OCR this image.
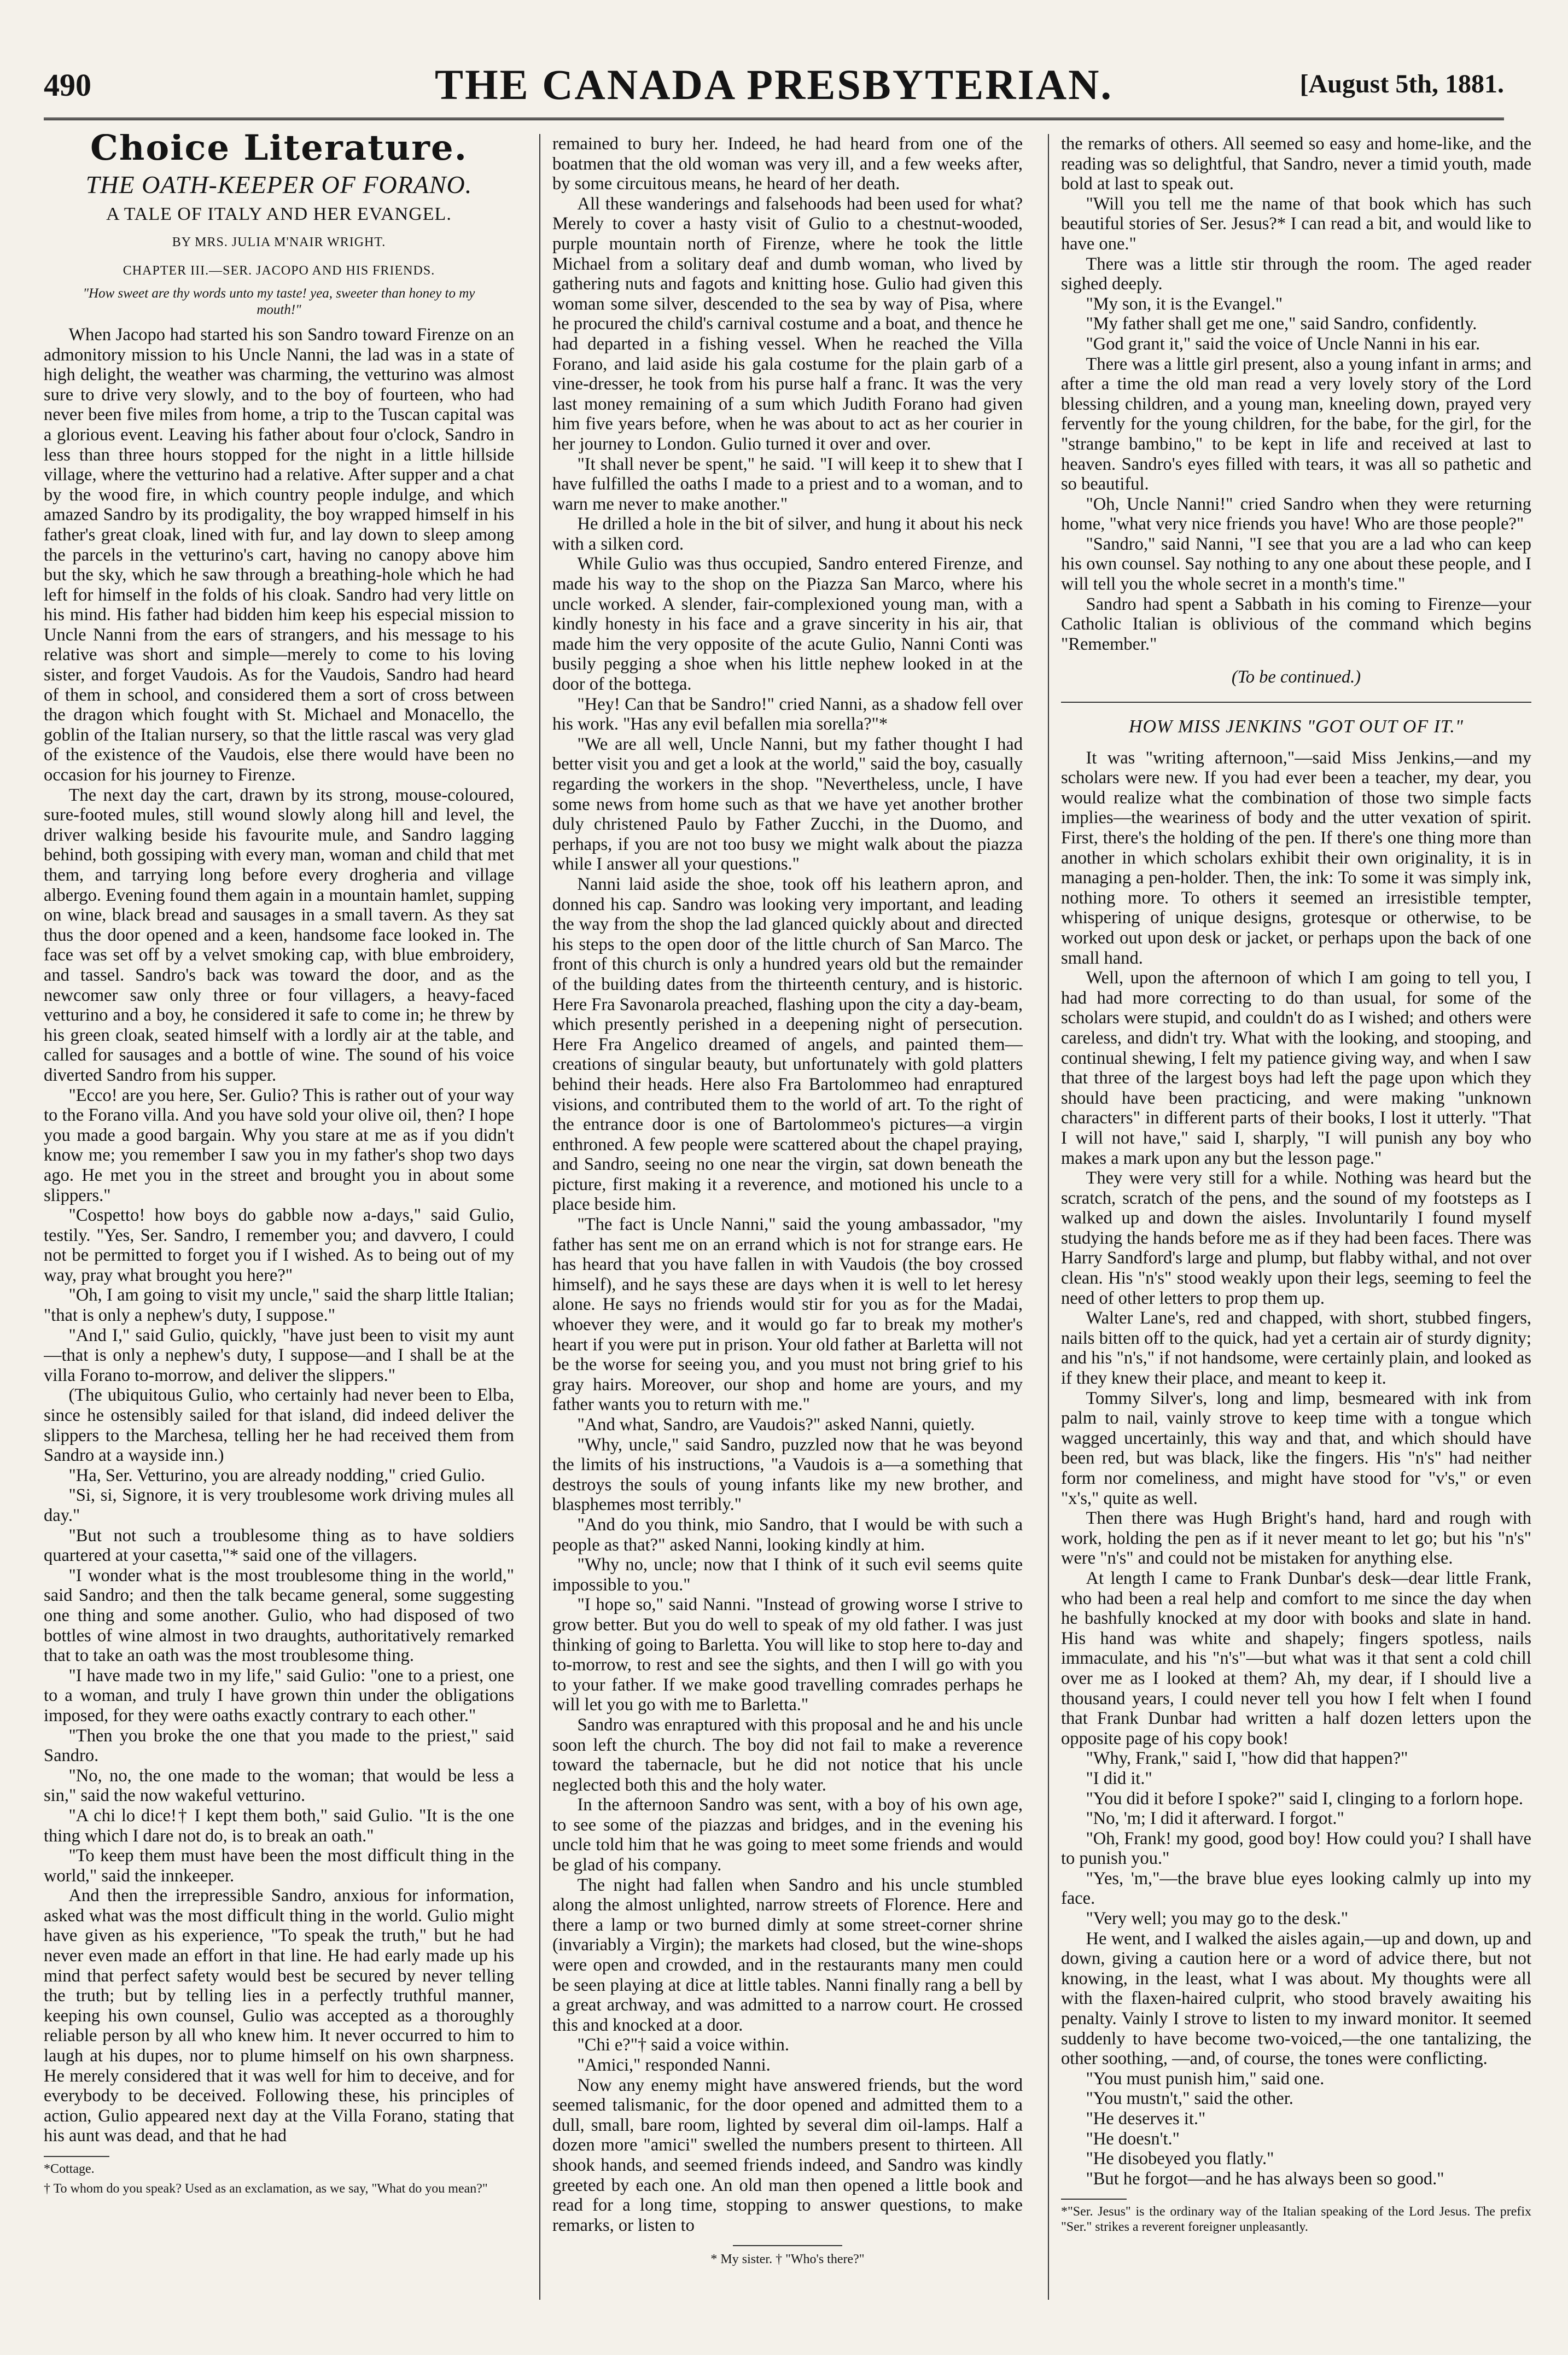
490	THE CANADA PRESBYTERIAN.	[August 5th, 1881.
Choice Literature.
THE OATH-KEEPER OF FORANO.
A TALE OF ITALY AND HER EVANGEL.
BY MRS. JULIA M'NAIR WRIGHT.
CHAPTER III.—SER. JACOPO AND HIS FRIENDS.
"How sweet are thy words unto my taste! yea, sweeter than honey to my mouth!"

When Jacopo had started his son Sandro toward Firenze on an admonitory mission to his Uncle Nanni, the lad was in a state of high delight, the weather was charming, the vetturino was almost sure to drive very slowly, and to the boy of fourteen, who had never been five miles from home, a trip to the Tuscan capital was a glorious event. Leaving his father about four o'clock, Sandro in less than three hours stopped for the night in a little hillside village, where the vetturino had a relative. After supper and a chat by the wood fire, in which country people indulge, and which amazed Sandro by its prodigality, the boy wrapped himself in his father's great cloak, lined with fur, and lay down to sleep among the parcels in the vetturino's cart, having no canopy above him but the sky, which he saw through a breathing-hole which he had left for himself in the folds of his cloak. Sandro had very little on his mind. His father had bidden him keep his especial mission to Uncle Nanni from the ears of strangers, and his message to his relative was short and simple—merely to come to his loving sister, and forget Vaudois. As for the Vaudois, Sandro had heard of them in school, and considered them a sort of cross between the dragon which fought with St. Michael and Monacello, the goblin of the Italian nursery, so that the little rascal was very glad of the existence of the Vaudois, else there would have been no occasion for his journey to Firenze.

The next day the cart, drawn by its strong, mouse-coloured, sure-footed mules, still wound slowly along hill and level, the driver walking beside his favourite mule, and Sandro lagging behind, both gossiping with every man, woman and child that met them, and tarrying long before every drogheria and village albergo. Evening found them again in a mountain hamlet, supping on wine, black bread and sausages in a small tavern. As they sat thus the door opened and a keen, handsome face looked in. The face was set off by a velvet smoking cap, with blue embroidery, and tassel. Sandro's back was toward the door, and as the newcomer saw only three or four villagers, a heavy-faced vetturino and a boy, he considered it safe to come in; he threw by his green cloak, seated himself with a lordly air at the table, and called for sausages and a bottle of wine. The sound of his voice diverted Sandro from his supper.

"Ecco! are you here, Ser. Gulio? This is rather out of your way to the Forano villa. And you have sold your olive oil, then? I hope you made a good bargain. Why you stare at me as if you didn't know me; you remember I saw you in my father's shop two days ago. He met you in the street and brought you in about some slippers."

"Cospetto! how boys do gabble now a-days," said Gulio, testily. "Yes, Ser. Sandro, I remember you; and davvero, I could not be permitted to forget you if I wished. As to being out of my way, pray what brought you here?"

"Oh, I am going to visit my uncle," said the sharp little Italian; "that is only a nephew's duty, I suppose."

"And I," said Gulio, quickly, "have just been to visit my aunt—that is only a nephew's duty, I suppose—and I shall be at the villa Forano to-morrow, and deliver the slippers."

(The ubiquitous Gulio, who certainly had never been to Elba, since he ostensibly sailed for that island, did indeed deliver the slippers to the Marchesa, telling her he had received them from Sandro at a wayside inn.)

"Ha, Ser. Vetturino, you are already nodding," cried Gulio.

"Si, si, Signore, it is very troublesome work driving mules all day."

"But not such a troublesome thing as to have soldiers quartered at your casetta,"* said one of the villagers.

"I wonder what is the most troublesome thing in the world," said Sandro; and then the talk became general, some suggesting one thing and some another. Gulio, who had disposed of two bottles of wine almost in two draughts, authoritatively remarked that to take an oath was the most troublesome thing.

"I have made two in my life," said Gulio: "one to a priest, one to a woman, and truly I have grown thin under the obligations imposed, for they were oaths exactly contrary to each other."

"Then you broke the one that you made to the priest," said Sandro.

"No, no, the one made to the woman; that would be less a sin," said the now wakeful vetturino.

"A chi lo dice!† I kept them both," said Gulio. "It is the one thing which I dare not do, is to break an oath."

"To keep them must have been the most difficult thing in the world," said the innkeeper.

And then the irrepressible Sandro, anxious for information, asked what was the most difficult thing in the world. Gulio might have given as his experience, "To speak the truth," but he had never even made an effort in that line. He had early made up his mind that perfect safety would best be secured by never telling the truth; but by telling lies in a perfectly truthful manner, keeping his own counsel, Gulio was accepted as a thoroughly reliable person by all who knew him. It never occurred to him to laugh at his dupes, nor to plume himself on his own sharpness. He merely considered that it was well for him to deceive, and for everybody to be deceived. Following these, his principles of action, Gulio appeared next day at the Villa Forano, stating that his aunt was dead, and that he had

*Cottage.

† To whom do you speak? Used as an exclamation, as we say, "What do you mean?"

remained to bury her. Indeed, he had heard from one of the boatmen that the old woman was very ill, and a few weeks after, by some circuitous means, he heard of her death.

All these wanderings and falsehoods had been used for what? Merely to cover a hasty visit of Gulio to a chestnut-wooded, purple mountain north of Firenze, where he took the little Michael from a solitary deaf and dumb woman, who lived by gathering nuts and fagots and knitting hose. Gulio had given this woman some silver, descended to the sea by way of Pisa, where he procured the child's carnival costume and a boat, and thence he had departed in a fishing vessel. When he reached the Villa Forano, and laid aside his gala costume for the plain garb of a vine-dresser, he took from his purse half a franc. It was the very last money remaining of a sum which Judith Forano had given him five years before, when he was about to act as her courier in her journey to London. Gulio turned it over and over.

"It shall never be spent," he said. "I will keep it to shew that I have fulfilled the oaths I made to a priest and to a woman, and to warn me never to make another."

He drilled a hole in the bit of silver, and hung it about his neck with a silken cord.

While Gulio was thus occupied, Sandro entered Firenze, and made his way to the shop on the Piazza San Marco, where his uncle worked. A slender, fair-complexioned young man, with a kindly honesty in his face and a grave sincerity in his air, that made him the very opposite of the acute Gulio, Nanni Conti was busily pegging a shoe when his little nephew looked in at the door of the bottega.

"Hey! Can that be Sandro!" cried Nanni, as a shadow fell over his work. "Has any evil befallen mia sorella?"*

"We are all well, Uncle Nanni, but my father thought I had better visit you and get a look at the world," said the boy, casually regarding the workers in the shop. "Nevertheless, uncle, I have some news from home such as that we have yet another brother duly christened Paulo by Father Zucchi, in the Duomo, and perhaps, if you are not too busy we might walk about the piazza while I answer all your questions."

Nanni laid aside the shoe, took off his leathern apron, and donned his cap. Sandro was looking very important, and leading the way from the shop the lad glanced quickly about and directed his steps to the open door of the little church of San Marco. The front of this church is only a hundred years old but the remainder of the building dates from the thirteenth century, and is historic. Here Fra Savonarola preached, flashing upon the city a day-beam, which presently perished in a deepening night of persecution. Here Fra Angelico dreamed of angels, and painted them—creations of singular beauty, but unfortunately with gold platters behind their heads. Here also Fra Bartolommeo had enraptured visions, and contributed them to the world of art. To the right of the entrance door is one of Bartolommeo's pictures—a virgin enthroned. A few people were scattered about the chapel praying, and Sandro, seeing no one near the virgin, sat down beneath the picture, first making it a reverence, and motioned his uncle to a place beside him.

"The fact is Uncle Nanni," said the young ambassador, "my father has sent me on an errand which is not for strange ears. He has heard that you have fallen in with Vaudois (the boy crossed himself), and he says these are days when it is well to let heresy alone. He says no friends would stir for you as for the Madai, whoever they were, and it would go far to break my mother's heart if you were put in prison. Your old father at Barletta will not be the worse for seeing you, and you must not bring grief to his gray hairs. Moreover, our shop and home are yours, and my father wants you to return with me."

"And what, Sandro, are Vaudois?" asked Nanni, quietly.

"Why, uncle," said Sandro, puzzled now that he was beyond the limits of his instructions, "a Vaudois is a—a something that destroys the souls of young infants like my new brother, and blasphemes most terribly."

"And do you think, mio Sandro, that I would be with such a people as that?" asked Nanni, looking kindly at him.

"Why no, uncle; now that I think of it such evil seems quite impossible to you."

"I hope so," said Nanni. "Instead of growing worse I strive to grow better. But you do well to speak of my old father. I was just thinking of going to Barletta. You will like to stop here to-day and to-morrow, to rest and see the sights, and then I will go with you to your father. If we make good travelling comrades perhaps he will let you go with me to Barletta."

Sandro was enraptured with this proposal and he and his uncle soon left the church. The boy did not fail to make a reverence toward the tabernacle, but he did not notice that his uncle neglected both this and the holy water.

In the afternoon Sandro was sent, with a boy of his own age, to see some of the piazzas and bridges, and in the evening his uncle told him that he was going to meet some friends and would be glad of his company.

The night had fallen when Sandro and his uncle stumbled along the almost unlighted, narrow streets of Florence. Here and there a lamp or two burned dimly at some street-corner shrine (invariably a Virgin); the markets had closed, but the wine-shops were open and crowded, and in the restaurants many men could be seen playing at dice at little tables. Nanni finally rang a bell by a great archway, and was admitted to a narrow court. He crossed this and knocked at a door.

"Chi e?"† said a voice within.

"Amici," responded Nanni.

Now any enemy might have answered friends, but the word seemed talismanic, for the door opened and admitted them to a dull, small, bare room, lighted by several dim oil-lamps. Half a dozen more "amici" swelled the numbers present to thirteen. All shook hands, and seemed friends indeed, and Sandro was kindly greeted by each one. An old man then opened a little book and read for a long time, stopping to answer questions, to make remarks, or listen to

* My sister. † "Who's there?"

the remarks of others. All seemed so easy and home-like, and the reading was so delightful, that Sandro, never a timid youth, made bold at last to speak out.

"Will you tell me the name of that book which has such beautiful stories of Ser. Jesus?* I can read a bit, and would like to have one."

There was a little stir through the room. The aged reader sighed deeply.

"My son, it is the Evangel."

"My father shall get me one," said Sandro, confidently.

"God grant it," said the voice of Uncle Nanni in his ear.

There was a little girl present, also a young infant in arms; and after a time the old man read a very lovely story of the Lord blessing children, and a young man, kneeling down, prayed very fervently for the young children, for the babe, for the girl, for the "strange bambino," to be kept in life and received at last to heaven. Sandro's eyes filled with tears, it was all so pathetic and so beautiful.

"Oh, Uncle Nanni!" cried Sandro when they were returning home, "what very nice friends you have! Who are those people?"

"Sandro," said Nanni, "I see that you are a lad who can keep his own counsel. Say nothing to any one about these people, and I will tell you the whole secret in a month's time."

Sandro had spent a Sabbath in his coming to Firenze—your Catholic Italian is oblivious of the command which begins "Remember."

(To be continued.)
HOW MISS JENKINS "GOT OUT OF IT."

It was "writing afternoon,"—said Miss Jenkins,—and my scholars were new. If you had ever been a teacher, my dear, you would realize what the combination of those two simple facts implies—the weariness of body and the utter vexation of spirit. First, there's the holding of the pen. If there's one thing more than another in which scholars exhibit their own originality, it is in managing a pen-holder. Then, the ink: To some it was simply ink, nothing more. To others it seemed an irresistible tempter, whispering of unique designs, grotesque or otherwise, to be worked out upon desk or jacket, or perhaps upon the back of one small hand.

Well, upon the afternoon of which I am going to tell you, I had had more correcting to do than usual, for some of the scholars were stupid, and couldn't do as I wished; and others were careless, and didn't try. What with the looking, and stooping, and continual shewing, I felt my patience giving way, and when I saw that three of the largest boys had left the page upon which they should have been practicing, and were making "unknown characters" in different parts of their books, I lost it utterly. "That I will not have," said I, sharply, "I will punish any boy who makes a mark upon any but the lesson page."

They were very still for a while. Nothing was heard but the scratch, scratch of the pens, and the sound of my footsteps as I walked up and down the aisles. Involuntarily I found myself studying the hands before me as if they had been faces. There was Harry Sandford's large and plump, but flabby withal, and not over clean. His "n's" stood weakly upon their legs, seeming to feel the need of other letters to prop them up.

Walter Lane's, red and chapped, with short, stubbed fingers, nails bitten off to the quick, had yet a certain air of sturdy dignity; and his "n's," if not handsome, were certainly plain, and looked as if they knew their place, and meant to keep it.

Tommy Silver's, long and limp, besmeared with ink from palm to nail, vainly strove to keep time with a tongue which wagged uncertainly, this way and that, and which should have been red, but was black, like the fingers. His "n's" had neither form nor comeliness, and might have stood for "v's," or even "x's," quite as well.

Then there was Hugh Bright's hand, hard and rough with work, holding the pen as if it never meant to let go; but his "n's" were "n's" and could not be mistaken for anything else.

At length I came to Frank Dunbar's desk—dear little Frank, who had been a real help and comfort to me since the day when he bashfully knocked at my door with books and slate in hand. His hand was white and shapely; fingers spotless, nails immaculate, and his "n's"—but what was it that sent a cold chill over me as I looked at them? Ah, my dear, if I should live a thousand years, I could never tell you how I felt when I found that Frank Dunbar had written a half dozen letters upon the opposite page of his copy book!

"Why, Frank," said I, "how did that happen?"

"I did it."

"You did it before I spoke?" said I, clinging to a forlorn hope.

"No, 'm; I did it afterward. I forgot."

"Oh, Frank! my good, good boy! How could you? I shall have to punish you."

"Yes, 'm,"—the brave blue eyes looking calmly up into my face.

"Very well; you may go to the desk."

He went, and I walked the aisles again,—up and down, up and down, giving a caution here or a word of advice there, but not knowing, in the least, what I was about. My thoughts were all with the flaxen-haired culprit, who stood bravely awaiting his penalty. Vainly I strove to listen to my inward monitor. It seemed suddenly to have become two-voiced,—the one tantalizing, the other soothing, —and, of course, the tones were conflicting.

"You must punish him," said one.

"You mustn't," said the other.

"He deserves it."

"He doesn't."

"He disobeyed you flatly."

"But he forgot—and he has always been so good."

*"Ser. Jesus" is the ordinary way of the Italian speaking of the Lord Jesus. The prefix "Ser." strikes a reverent foreigner unpleasantly.
